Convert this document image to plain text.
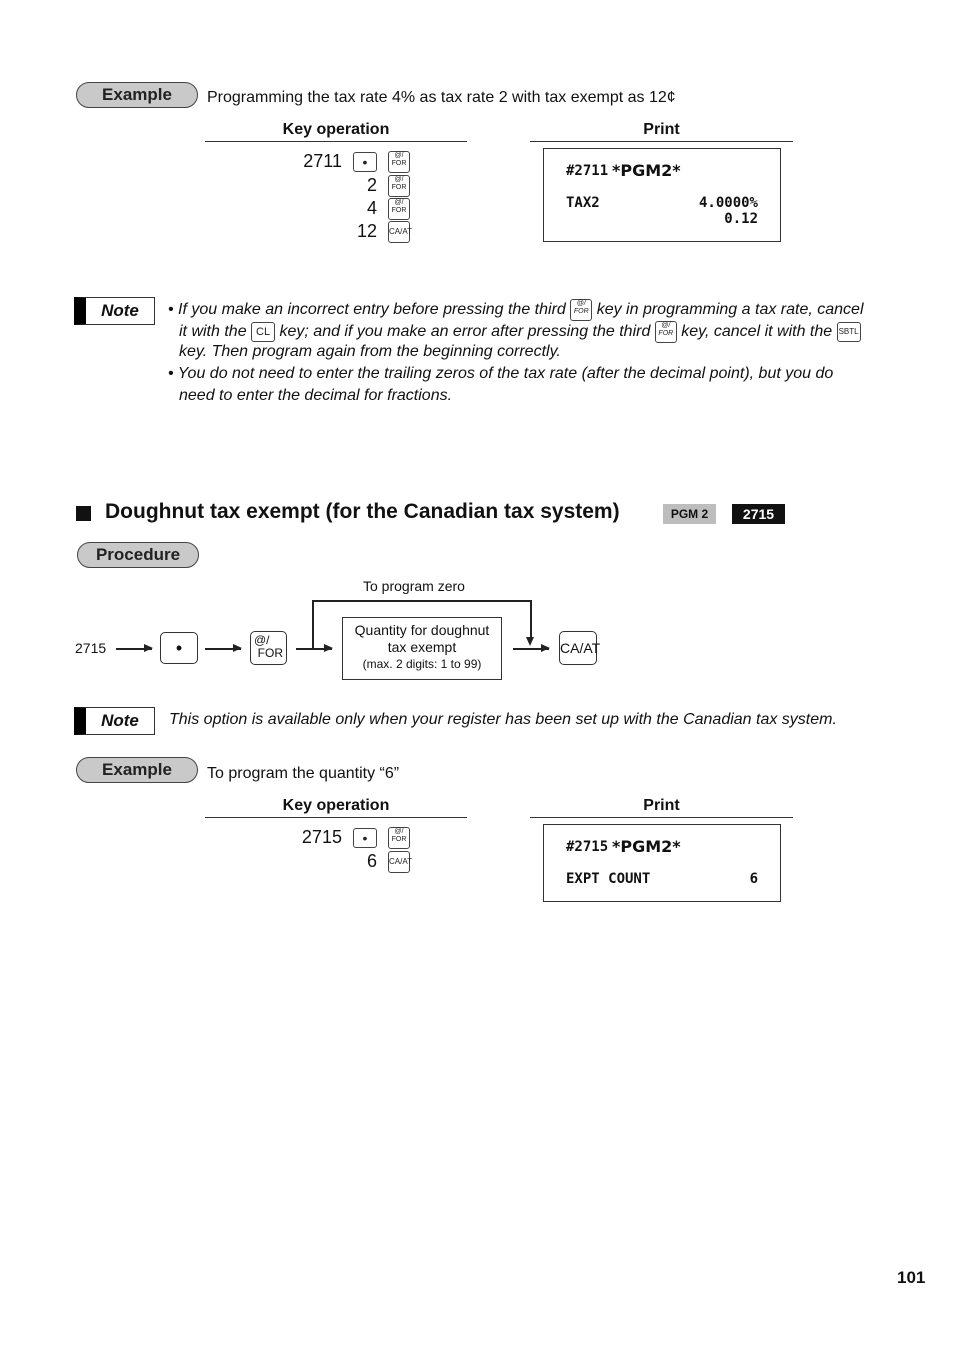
Example	Programming the tax rate 4% as tax rate 2 with tax exempt as 12¢
Key operation	Print
2711 •	@/
FOR
2 @/
FOR
4 @/
FOR
12 CA/AT
#2711 *PGM2*
TAX2	4.0000%
0.12
Note	• If you make an incorrect entry before pressing the third @/
FOR key in programming a tax rate, cancel
it with the CL key; and if you make an error after pressing the third @/
FOR key, cancel it with the SBTL
key. Then program again from the beginning correctly.
• You do not need to enter the trailing zeros of the tax rate (after the decimal point), but you do
need to enter the decimal for fractions.
Doughnut tax exempt (for the Canadian tax system)	PGM 2	2715
Procedure
To program zero
2715	•	@/
FOR
Quantity for doughnut
tax exempt
(max. 2 digits: 1 to 99)
CA/AT
Note	This option is available only when your register has been set up with the Canadian tax system.
Example	To program the quantity “6”
Key operation	Print
2715 •	@/
FOR
6 CA/AT
#2715 *PGM2*
EXPT COUNT	6
101
